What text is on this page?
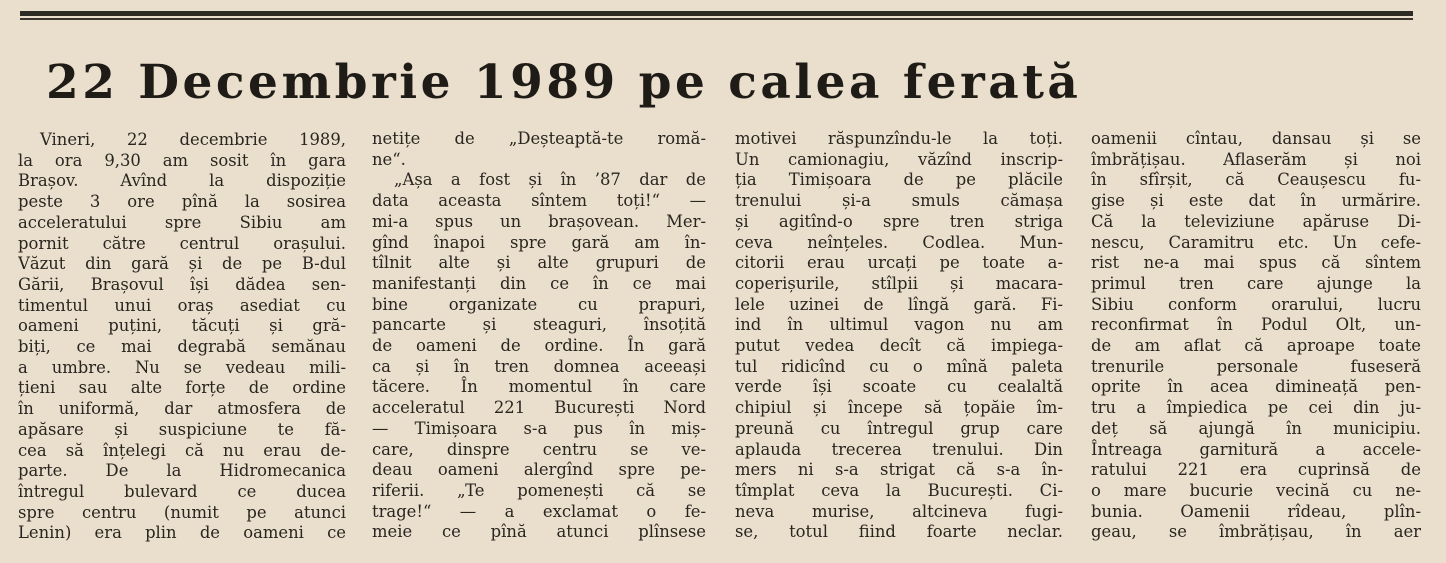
22 Decembrie 1989 pe calea ferată
Vineri, 22 decembrie 1989,
la ora 9,30 am sosit în gara
Brașov. Avînd la dispoziție
peste 3 ore pînă la sosirea
acceleratului spre Sibiu am
pornit către centrul orașului.
Văzut din gară și de pe B-dul
Gării, Brașovul își dădea sen-
timentul unui oraș asediat cu
oameni puțini, tăcuți și gră-
biți, ce mai degrabă semănau
a umbre. Nu se vedeau mili-
țieni sau alte forțe de ordine
în uniformă, dar atmosfera de
apăsare și suspiciune te fă-
cea să înțelegi că nu erau de-
parte. De la Hidromecanica
întregul bulevard ce ducea
spre centru (numit pe atunci
Lenin) era plin de oameni ce
netițe de „Deșteaptă-te romă-
ne“.
„Așa a fost și în ’87 dar de
data aceasta sîntem toți!“ —
mi-a spus un brașovean. Mer-
gînd înapoi spre gară am în-
tîlnit alte și alte grupuri de
manifestanți din ce în ce mai
bine organizate cu prapuri,
pancarte și steaguri, însoțită
de oameni de ordine. În gară
ca și în tren domnea aceeași
tăcere. În momentul în care
acceleratul 221 București Nord
— Timișoara s-a pus în miș-
care, dinspre centru se ve-
deau oameni alergînd spre pe-
riferii. „Te pomenești că se
trage!“ — a exclamat o fe-
meie ce pînă atunci plînsese
motivei răspunzîndu-le la toți.
Un camionagiu, văzînd inscrip-
ția Timișoara de pe plăcile
trenului și-a smuls cămașa
și agitînd-o spre tren striga
ceva neînțeles. Codlea. Mun-
citorii erau urcați pe toate a-
coperișurile, stîlpii și macara-
lele uzinei de lîngă gară. Fi-
ind în ultimul vagon nu am
putut vedea decît că impiega-
tul ridicînd cu o mînă paleta
verde își scoate cu cealaltă
chipiul și începe să țopăie îm-
preună cu întregul grup care
aplauda trecerea trenului. Din
mers ni s-a strigat că s-a în-
tîmplat ceva la București. Ci-
neva murise, altcineva fugi-
se, totul fiind foarte neclar.
oamenii cîntau, dansau și se
îmbrățișau. Aflaserăm și noi
în sfîrșit, că Ceaușescu fu-
gise și este dat în urmărire.
Că la televiziune apăruse Di-
nescu, Caramitru etc. Un cefe-
rist ne-a mai spus că sîntem
primul tren care ajunge la
Sibiu conform orarului, lucru
reconfirmat în Podul Olt, un-
de am aflat că aproape toate
trenurile personale fuseseră
oprite în acea dimineață pen-
tru a împiedica pe cei din ju-
deț să ajungă în municipiu.
Întreaga garnitură a accele-
ratului 221 era cuprinsă de
o mare bucurie vecină cu ne-
bunia. Oamenii rîdeau, plîn-
geau, se îmbrățișau, în aer
